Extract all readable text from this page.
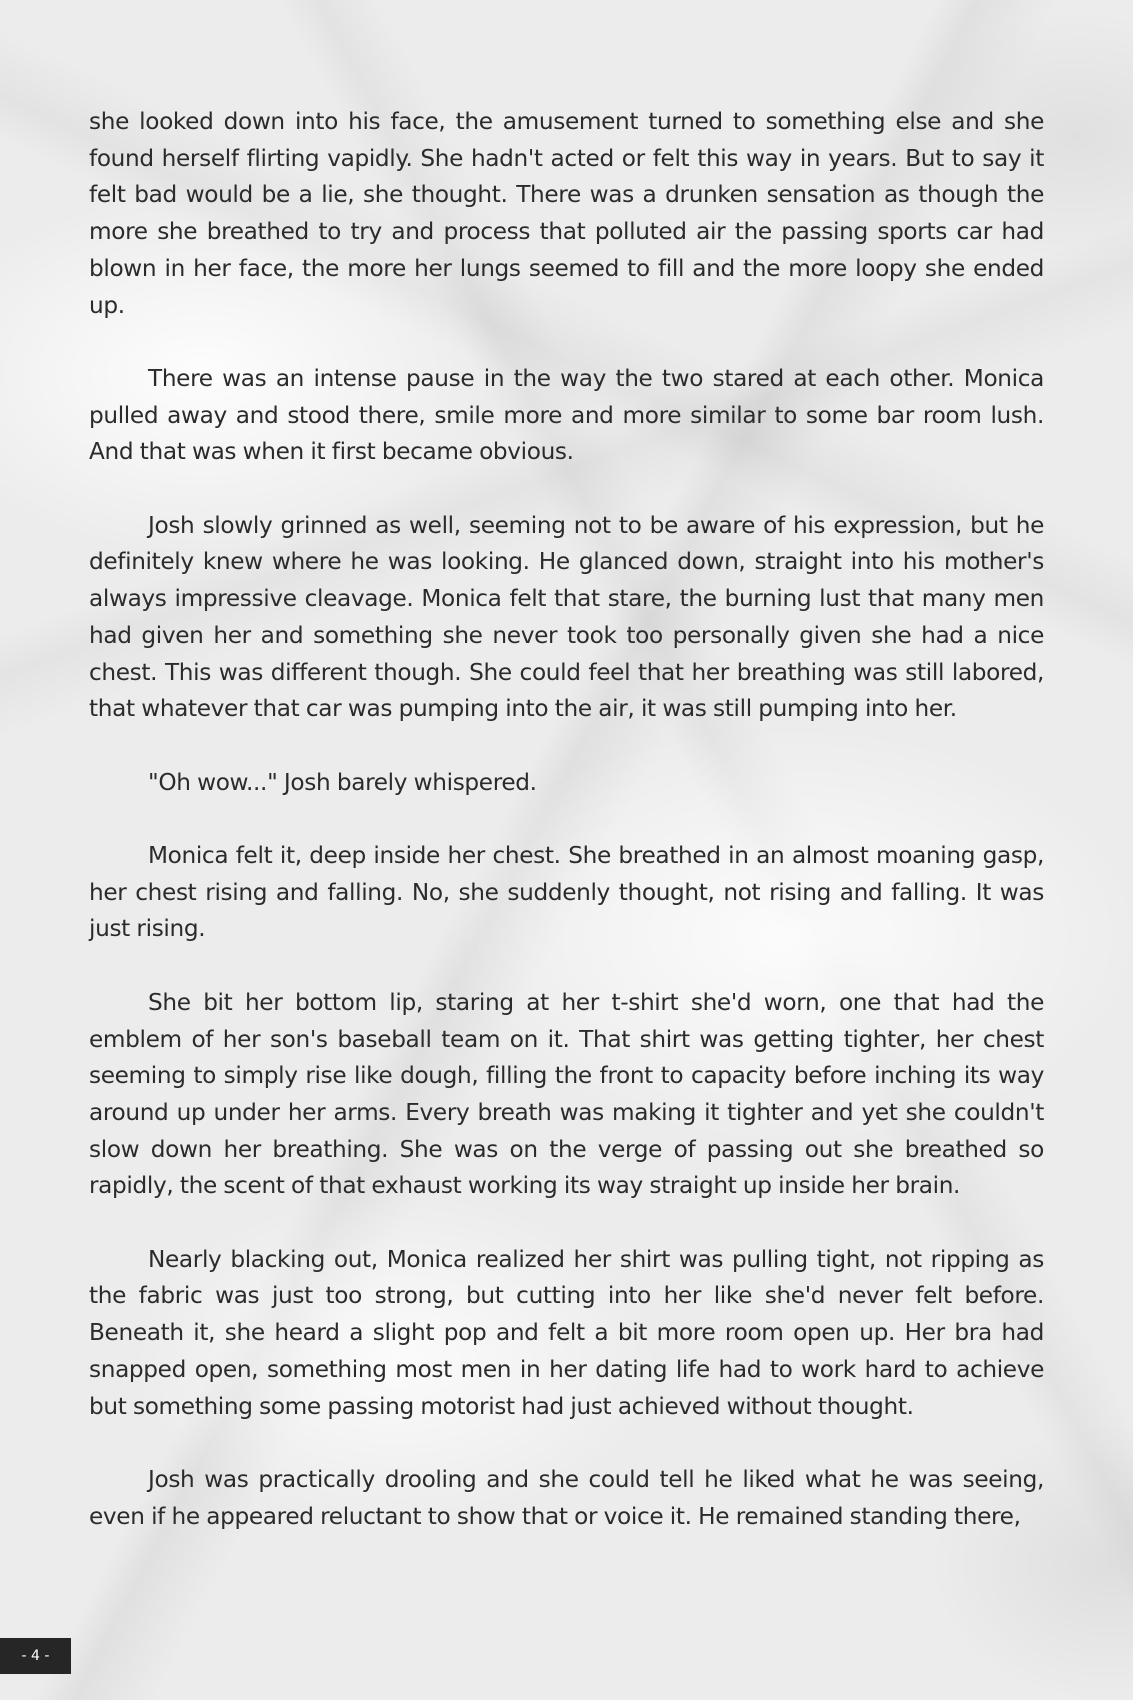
she looked down into his face, the amusement turned to something else and she found herself flirting vapidly. She hadn't acted or felt this way in years. But to say it felt bad would be a lie, she thought. There was a drunken sensation as though the more she breathed to try and process that polluted air the passing sports car had blown in her face, the more her lungs seemed to fill and the more loopy she ended up.

There was an intense pause in the way the two stared at each other. Monica pulled away and stood there, smile more and more similar to some bar room lush. And that was when it first became obvious.

Josh slowly grinned as well, seeming not to be aware of his expression, but he definitely knew where he was looking. He glanced down, straight into his mother's always impressive cleavage. Monica felt that stare, the burning lust that many men had given her and something she never took too personally given she had a nice chest. This was different though. She could feel that her breathing was still labored, that whatever that car was pumping into the air, it was still pumping into her.

"Oh wow..." Josh barely whispered.

Monica felt it, deep inside her chest. She breathed in an almost moaning gasp, her chest rising and falling. No, she suddenly thought, not rising and falling. It was just rising.

She bit her bottom lip, staring at her t-shirt she'd worn, one that had the emblem of her son's baseball team on it. That shirt was getting tighter, her chest seeming to simply rise like dough, filling the front to capacity before inching its way around up under her arms. Every breath was making it tighter and yet she couldn't slow down her breathing. She was on the verge of passing out she breathed so rapidly, the scent of that exhaust working its way straight up inside her brain.

Nearly blacking out, Monica realized her shirt was pulling tight, not ripping as the fabric was just too strong, but cutting into her like she'd never felt before. Beneath it, she heard a slight pop and felt a bit more room open up. Her bra had snapped open, something most men in her dating life had to work hard to achieve but something some passing motorist had just achieved without thought.

Josh was practically drooling and she could tell he liked what he was seeing, even if he appeared reluctant to show that or voice it. He remained standing there,

- 4 -
